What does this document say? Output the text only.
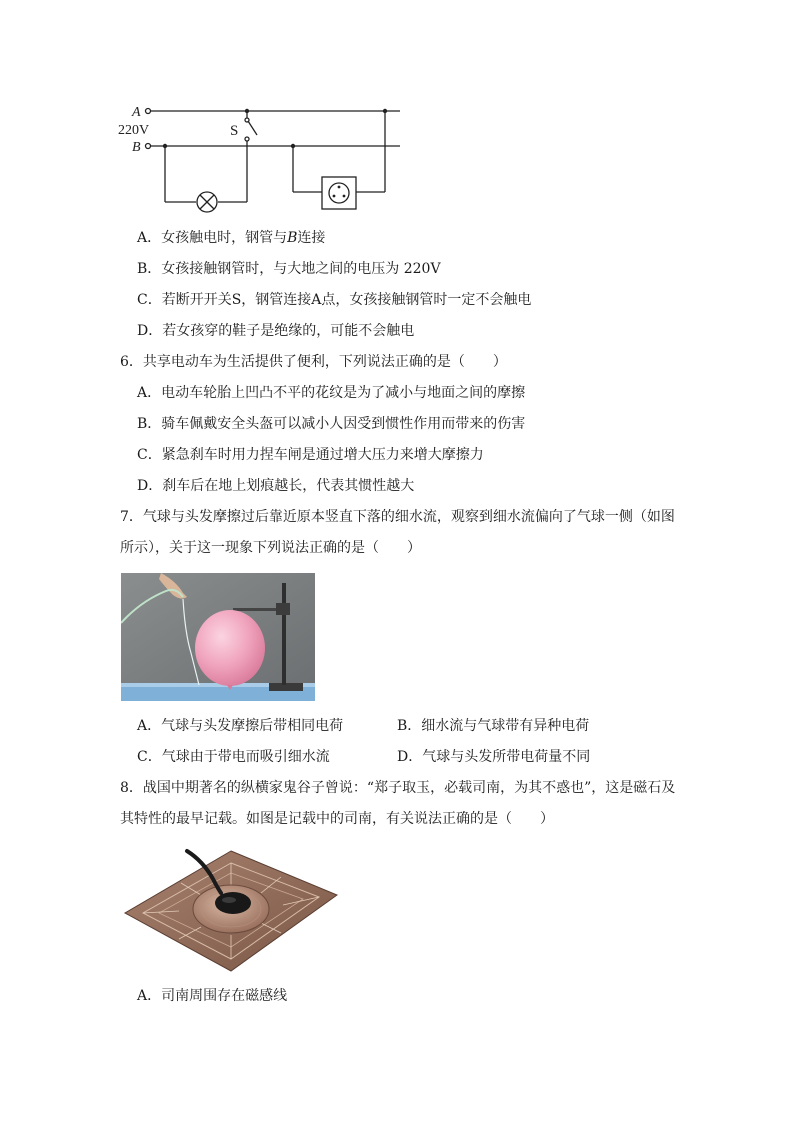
A
220V
B
S
A．女孩触电时，钢管与B连接
B．女孩接触钢管时，与大地之间的电压为 220V
C．若断开开关S，钢管连接A点，女孩接触钢管时一定不会触电
D．若女孩穿的鞋子是绝缘的，可能不会触电
6．共享电动车为生活提供了便利，下列说法正确的是（　　）
A．电动车轮胎上凹凸不平的花纹是为了减小与地面之间的摩擦
B．骑车佩戴安全头盔可以减小人因受到惯性作用而带来的伤害
C．紧急刹车时用力捏车闸是通过增大压力来增大摩擦力
D．刹车后在地上划痕越长，代表其惯性越大
7．气球与头发摩擦过后靠近原本竖直下落的细水流，观察到细水流偏向了气球一侧（如图
所示），关于这一现象下列说法正确的是（　　）
A．气球与头发摩擦后带相同电荷	B．细水流与气球带有异种电荷
C．气球由于带电而吸引细水流	D．气球与头发所带电荷量不同
8．战国中期著名的纵横家鬼谷子曾说：“郑子取玉，必载司南，为其不惑也”，这是磁石及
其特性的最早记载。如图是记载中的司南，有关说法正确的是（　　）
A．司南周围存在磁感线
